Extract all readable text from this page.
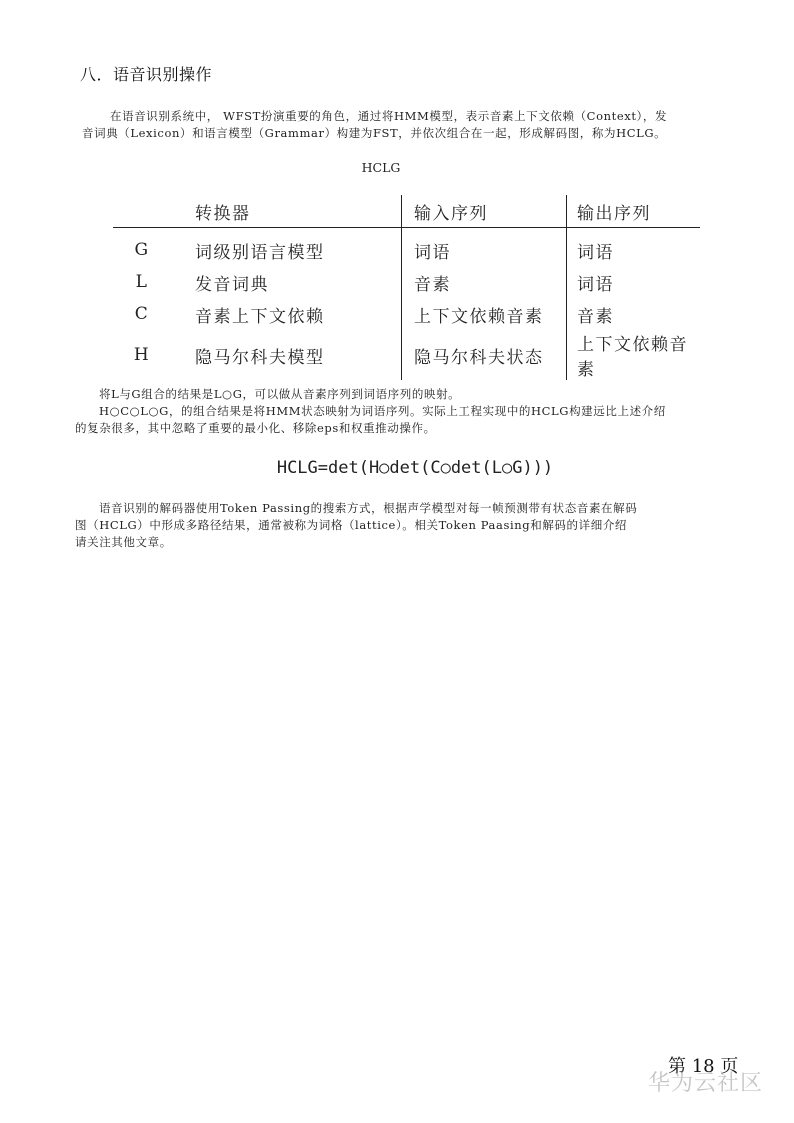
八．语音识别操作

在语音识别系统中， WFST扮演重要的角色，通过将HMM模型，表示音素上下文依赖（Context），发

音词典（Lexicon）和语言模型（Grammar）构建为FST，并依次组合在一起，形成解码图，称为HCLG。

HCLG
	转换器	输入序列	输出序列
G	词级别语言模型	词语	词语
L	发音词典	音素	词语
C	音素上下文依赖	上下文依赖音素	音素
H	隐马尔科夫模型	隐马尔科夫状态	上下文依赖音素

将L与G组合的结果是L○G，可以做从音素序列到词语序列的映射。

H○C○L○G，的组合结果是将HMM状态映射为词语序列。实际上工程实现中的HCLG构建远比上述介绍

的复杂很多，其中忽略了重要的最小化、移除eps和权重推动操作。

HCLG=det(H○det(C○det(L○G)))

语音识别的解码器使用Token Passing的搜索方式，根据声学模型对每一帧预测带有状态音素在解码

图（HCLG）中形成多路径结果，通常被称为词格（lattice）。相关Token Paasing和解码的详细介绍

请关注其他文章。

第 18 页
华为云社区
